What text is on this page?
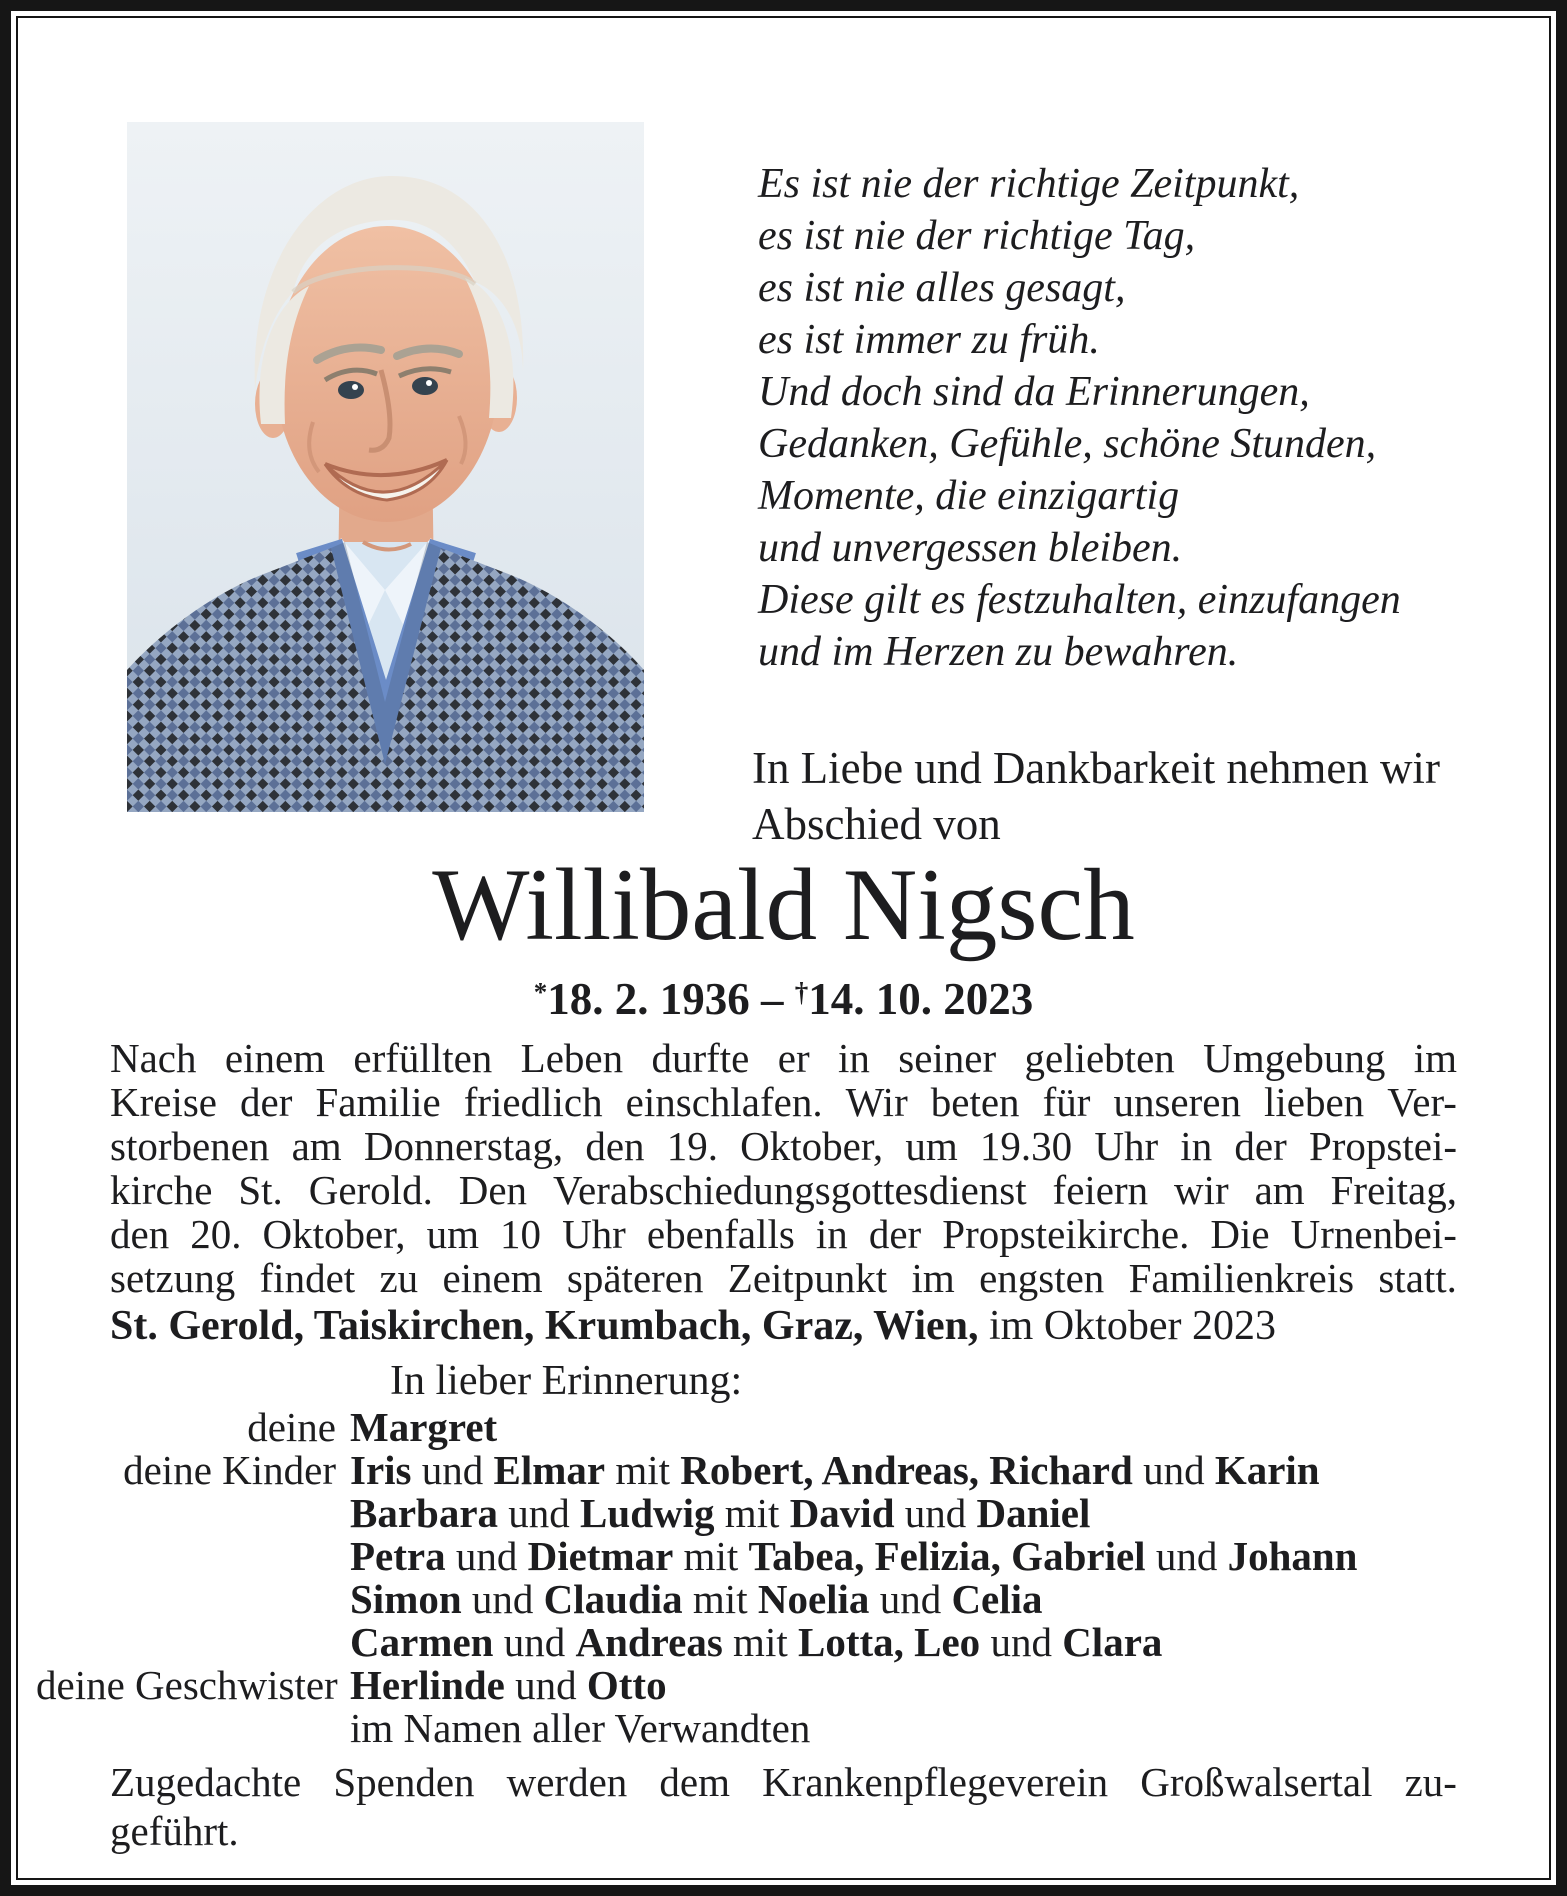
Es ist nie der richtige Zeitpunkt,
es ist nie der richtige Tag,
es ist nie alles gesagt,
es ist immer zu früh.
Und doch sind da Erinnerungen,
Gedanken, Gefühle, schöne Stunden,
Momente, die einzigartig
und unvergessen bleiben.
Diese gilt es festzuhalten, einzufangen
und im Herzen zu bewahren.
In Liebe und Dankbarkeit nehmen wir
Abschied von
Willibald Nigsch
*18. 2. 1936 – †14. 10. 2023
Nach einem erfüllten Leben durfte er in seiner geliebten Umgebung im
Kreise der Familie friedlich einschlafen. Wir beten für unseren lieben Ver-
storbenen am Donnerstag, den 19. Oktober, um 19.30 Uhr in der Propstei-
kirche St. Gerold. Den Verabschiedungsgottesdienst feiern wir am Freitag,
den 20. Oktober, um 10 Uhr ebenfalls in der Propsteikirche. Die Urnenbei-
setzung findet zu einem späteren Zeitpunkt im engsten Familienkreis statt.
St. Gerold, Taiskirchen, Krumbach, Graz, Wien, im Oktober 2023
In lieber Erinnerung:
deine Margret
deine Kinder Iris und Elmar mit Robert, Andreas, Richard und Karin
Barbara und Ludwig mit David und Daniel
Petra und Dietmar mit Tabea, Felizia, Gabriel und Johann
Simon und Claudia mit Noelia und Celia
Carmen und Andreas mit Lotta, Leo und Clara
deine Geschwister Herlinde und Otto
im Namen aller Verwandten
Zugedachte Spenden werden dem Krankenpflegeverein Großwalsertal zu-
geführt.
